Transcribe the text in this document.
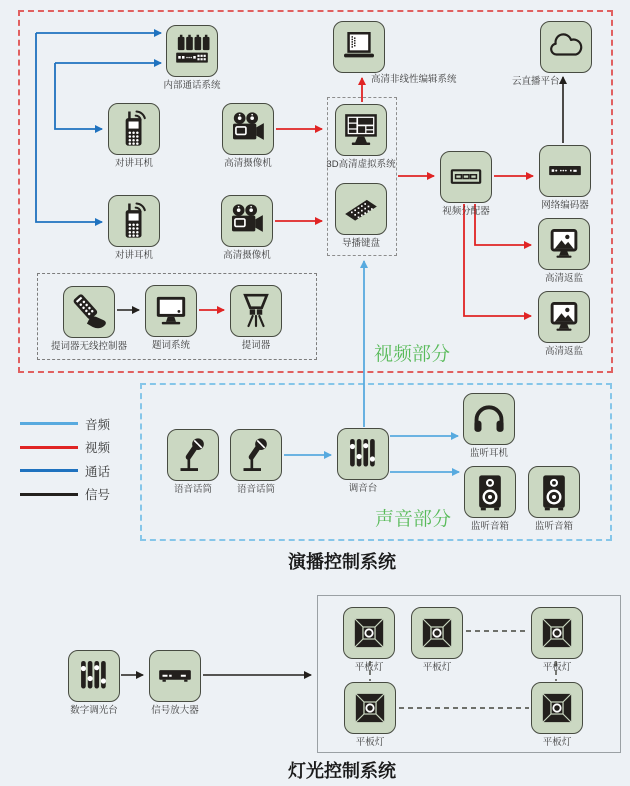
内部通话系统
对讲耳机
对讲耳机
高清摄像机
高清摄像机
高清非线性编辑系统	云直播平台
3D高清虚拟系统
导播键盘
视频分配器
网络编码器
高清返监
高清返监
提词器无线控制器	题词系统	提词器
语音话筒	语音话筒	调音台
监听耳机
监听音箱	监听音箱
数字调光台	信号放大器
平板灯	平板灯	平板灯
平板灯	平板灯
视频部分
声音部分
演播控制系统
灯光控制系统
音频
视频
通话
信号
